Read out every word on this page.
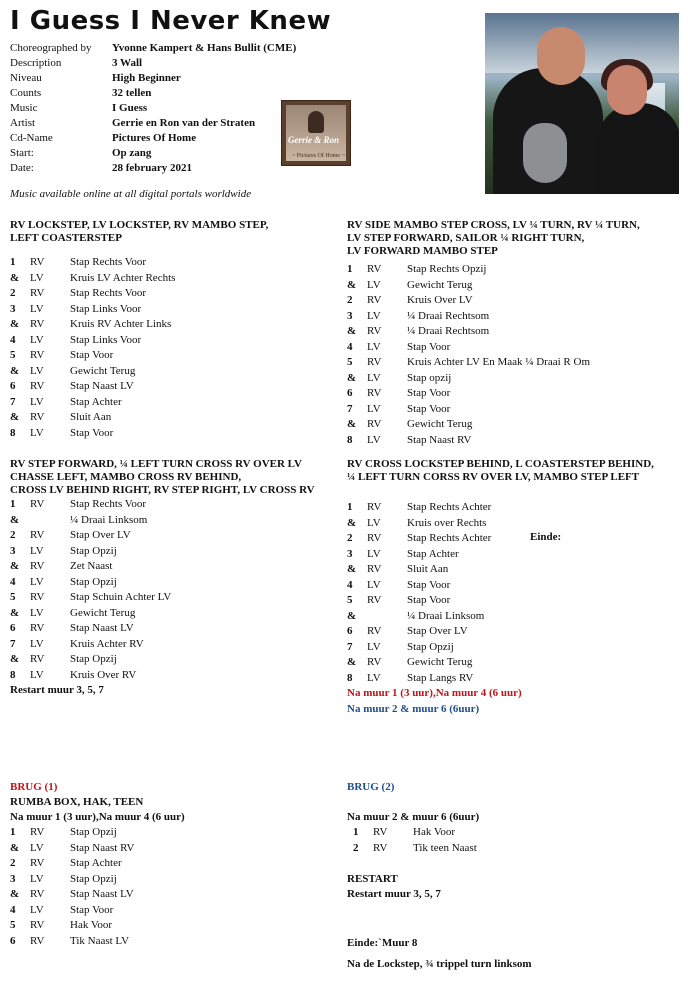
I Guess I Never Knew
Choreographed by	Yvonne Kampert & Hans Bullit (CME)
Description	3 Wall
Niveau	High Beginner
Counts	32 tellen
Music	I Guess
Artist	Gerrie en Ron van der Straten
Cd-Name	Pictures Of Home
Start:	Op zang
Date:	28 february 2021
Music available online at all digital portals worldwide
Gerrie & Ron
~ Pictures Of Home ~
RV LOCKSTEP, LV LOCKSTEP, RV MAMBO STEP,
LEFT COASTERSTEP
1	RV	Stap Rechts Voor
& LV	Kruis LV Achter Rechts
2	RV	Stap Rechts Voor
3	LV	Stap Links Voor
& RV	Kruis RV Achter Links
4	LV	Stap Links Voor
5	RV	Stap Voor
& LV	Gewicht Terug
6	RV	Stap Naast LV
7	LV	Stap Achter
& RV	Sluit Aan
8	LV	Stap Voor
RV SIDE MAMBO STEP CROSS, LV ¼ TURN, RV ¼ TURN,
LV STEP FORWARD, SAILOR ¼ RIGHT TURN,
LV FORWARD MAMBO STEP
1	RV	Stap Rechts Opzij
& LV	Gewicht Terug
2	RV	Kruis Over LV
3	LV	¼ Draai Rechtsom
& RV	¼ Draai Rechtsom
4	LV	Stap Voor
5	RV	Kruis Achter LV En Maak ¼ Draai R Om
& LV	Stap opzij
6	RV	Stap Voor
7	LV	Stap Voor
& RV	Gewicht Terug
8	LV	Stap Naast RV
RV STEP FORWARD, ¼ LEFT TURN CROSS RV OVER LV
CHASSE LEFT, MAMBO CROSS RV BEHIND,
CROSS LV BEHIND RIGHT, RV STEP RIGHT, LV CROSS RV
1	RV	Stap Rechts Voor
&	¼ Draai Linksom
2	RV	Stap Over LV
3	LV	Stap Opzij
& RV	Zet Naast
4	LV	Stap Opzij
5	RV	Stap Schuin Achter LV
& LV	Gewicht Terug
6	RV	Stap Naast LV
7	LV	Kruis Achter RV
& RV	Stap Opzij
8	LV	Kruis Over RV
Restart muur 3, 5, 7
RV CROSS LOCKSTEP BEHIND, L COASTERSTEP BEHIND,
¼ LEFT TURN CORSS RV OVER LV, MAMBO STEP LEFT
1	RV	Stap Rechts Achter
& LV	Kruis over Rechts
2	RV	Stap Rechts Achter
3	LV	Stap Achter
& RV	Sluit Aan
4	LV	Stap Voor
5	RV	Stap Voor
&	¼ Draai Linksom
6	RV	Stap Over LV
7	LV	Stap Opzij
& RV	Gewicht Terug
8	LV	Stap Langs RV
Na muur 1 (3 uur),Na muur 4 (6 uur)
Na muur 2 & muur 6 (6uur)
Einde:
BRUG (1)
RUMBA BOX, HAK, TEEN
Na muur 1 (3 uur),Na muur 4 (6 uur)
1	RV	Stap Opzij
& LV	Stap Naast RV
2	RV	Stap Achter
3	LV	Stap Opzij
& RV	Stap Naast LV
4	LV	Stap Voor
5	RV	Hak Voor
6	RV	Tik Naast LV
BRUG (2)
Na muur 2 & muur 6 (6uur)
1	RV	Hak Voor
2	RV	Tik teen Naast
RESTART
Restart muur 3, 5, 7
Einde:`Muur 8
Na de Lockstep, ¾ trippel turn linksom
